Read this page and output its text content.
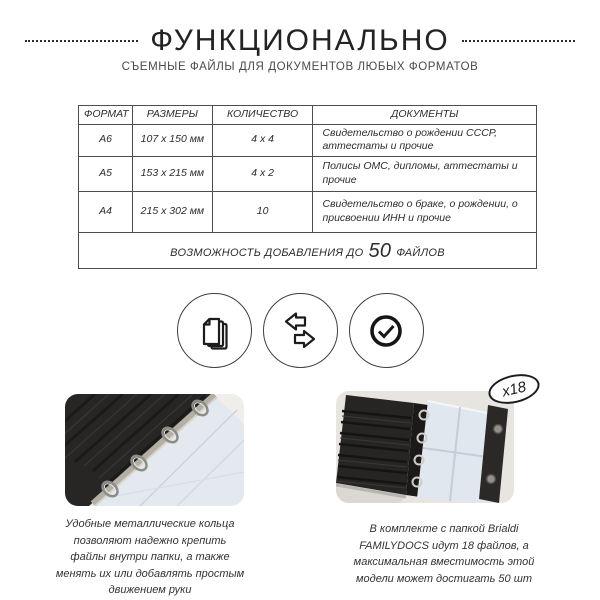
ФУНКЦИОНАЛЬНО
СЪЕМНЫЕ ФАЙЛЫ ДЛЯ ДОКУМЕНТОВ ЛЮБЫХ ФОРМАТОВ
ФОРМАТ	РАЗМЕРЫ	КОЛИЧЕСТВО	ДОКУМЕНТЫ
А6	107 x 150 мм	4 x 4	Свидетельство о рождении СССР, аттестаты и прочие
А5	153 x 215 мм	4 x 2	Полисы ОМС, дипломы, аттестаты и прочие
А4	215 x 302 мм	10	Свидетельство о браке, о рождении, о присвоении ИНН и прочие
ВОЗМОЖНОСТЬ ДОБАВЛЕНИЯ ДО 50 ФАЙЛОВ			
x18
Удобные металлические кольца позволяют надежно крепить файлы внутри папки, а также менять их или добавлять простым движением руки
В комплекте с папкой Brialdi FAMILYDOCS идут 18 файлов, а максимальная вместимость этой модели может достигать 50 шт
